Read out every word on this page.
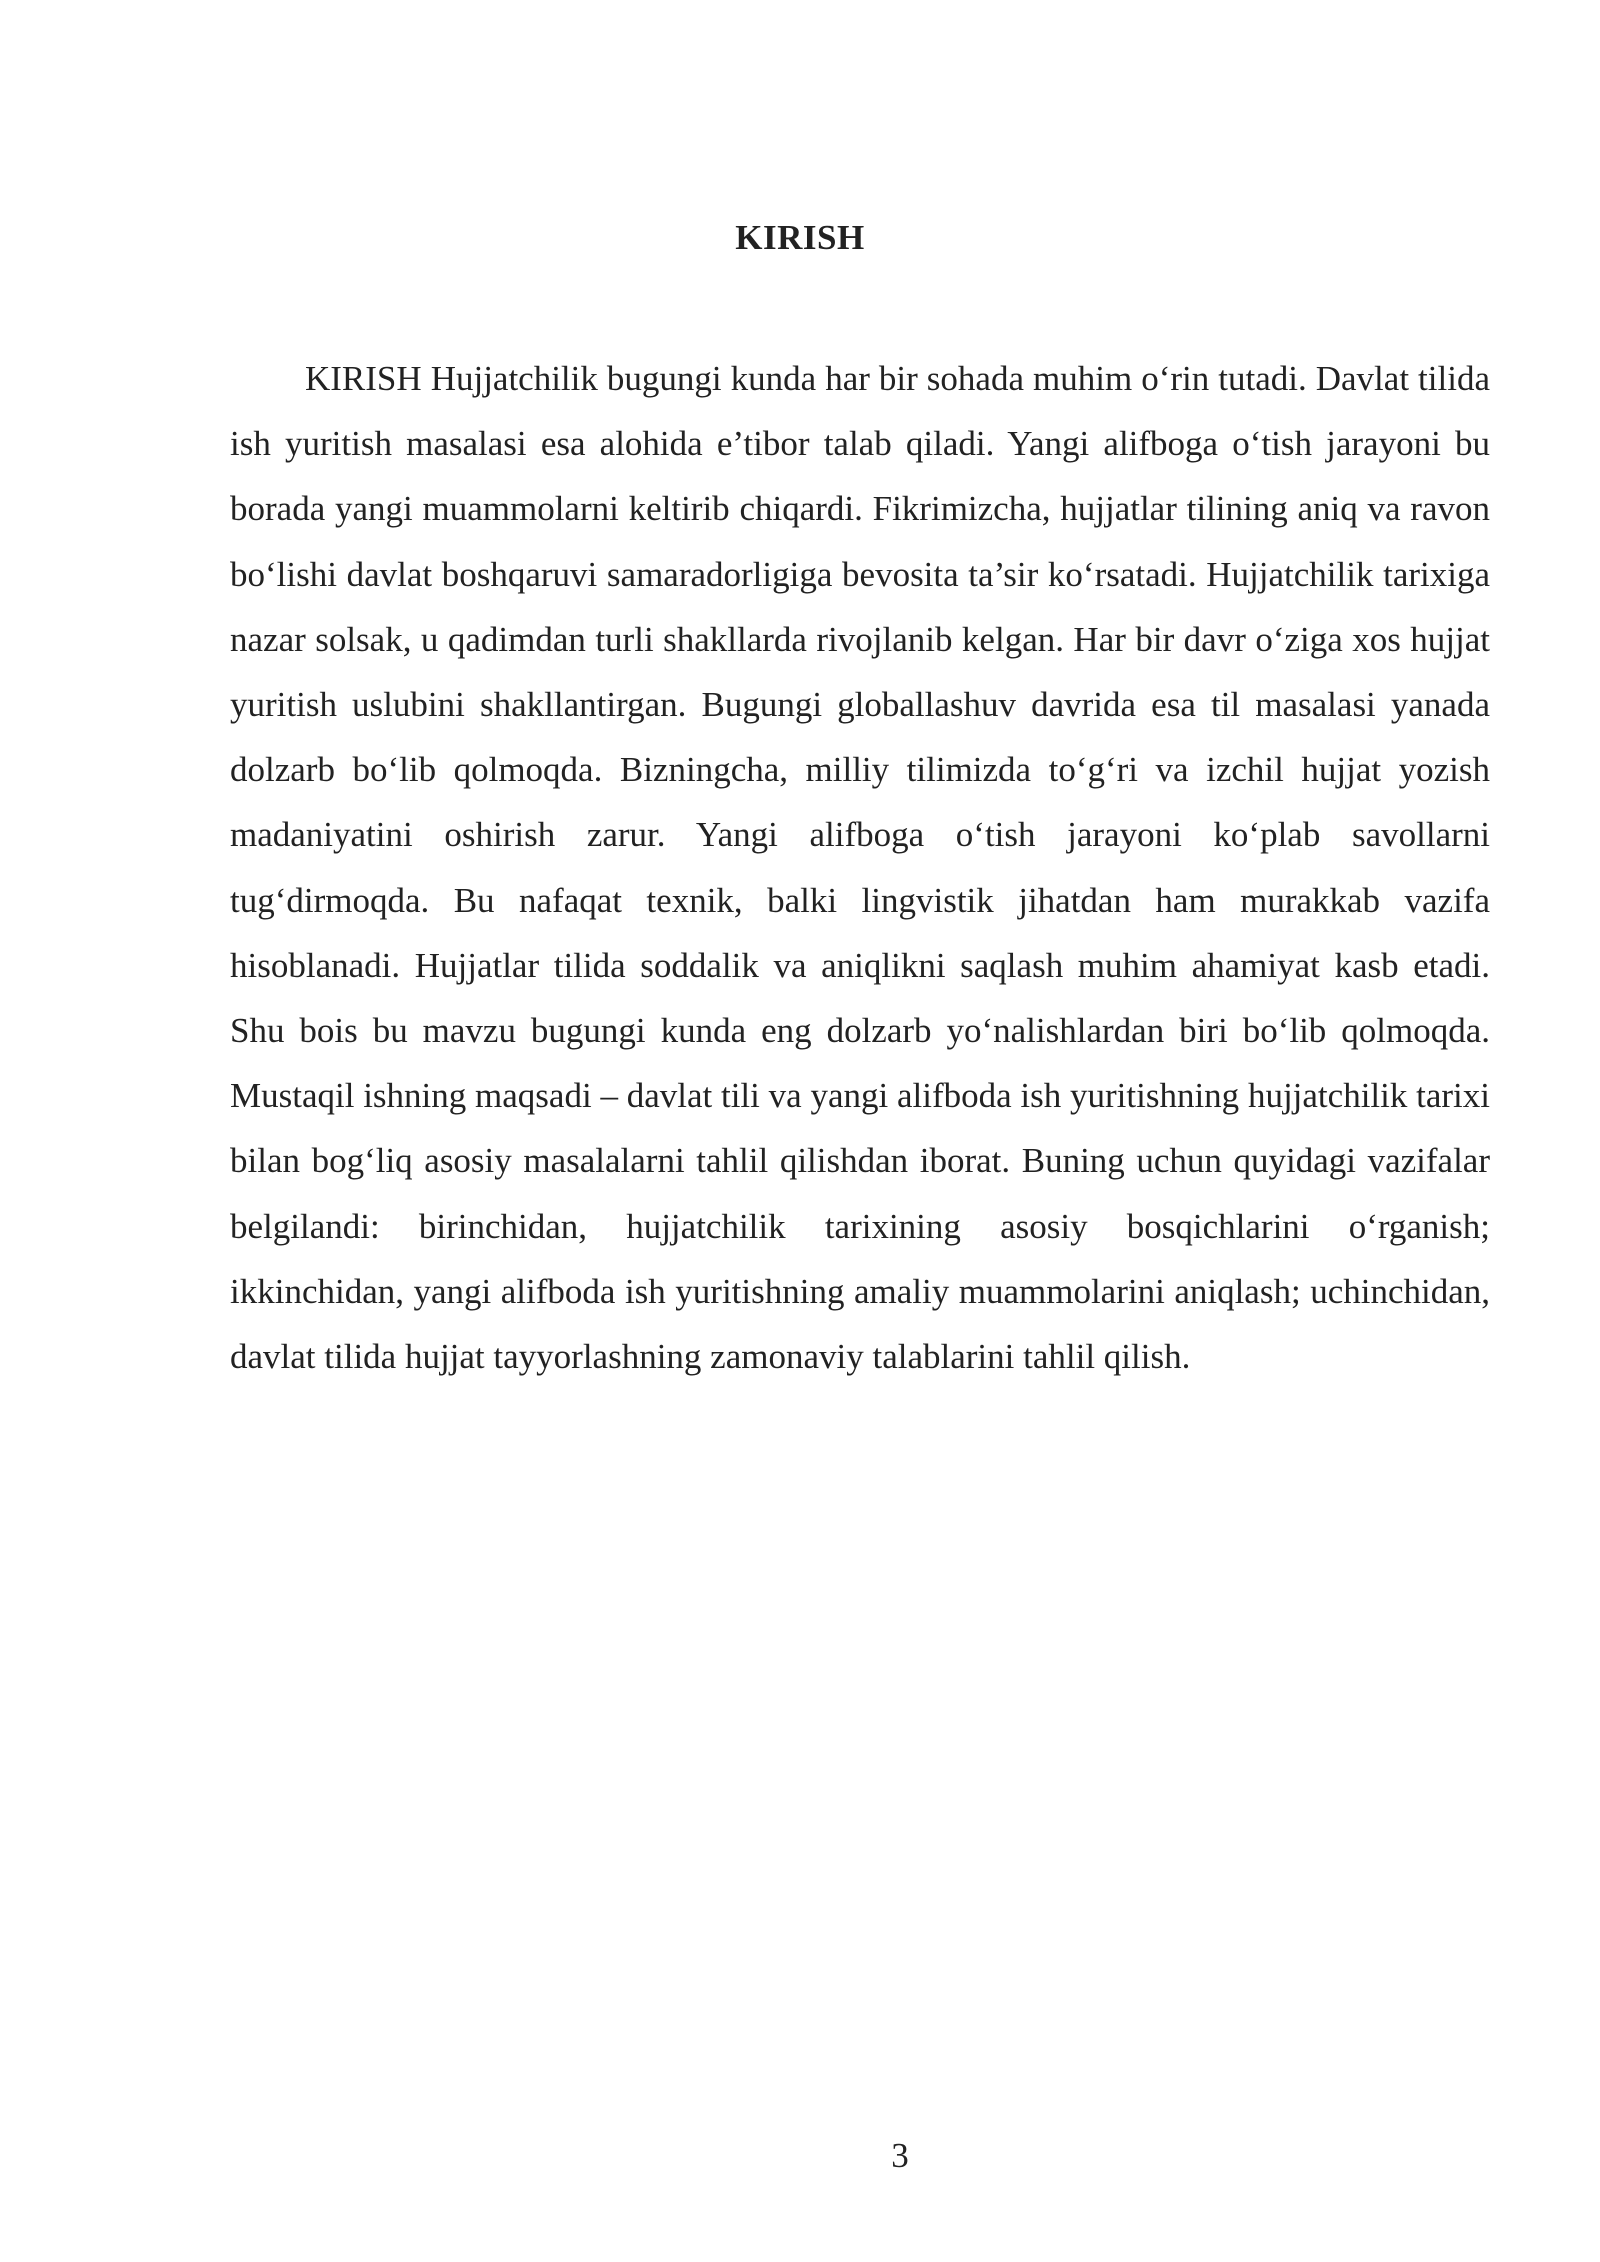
KIRISH

KIRISH Hujjatchilik bugungi kunda har bir sohada muhim o‘rin tutadi. Davlat tilida ish yuritish masalasi esa alohida e’tibor talab qiladi. Yangi alifboga o‘tish jarayoni bu borada yangi muammolarni keltirib chiqardi. Fikrimizcha, hujjatlar tilining aniq va ravon bo‘lishi davlat boshqaruvi samaradorligiga bevosita ta’sir ko‘rsatadi. Hujjatchilik tarixiga nazar solsak, u qadimdan turli shakllarda rivojlanib kelgan. Har bir davr o‘ziga xos hujjat yuritish uslubini shakllantirgan. Bugungi globallashuv davrida esa til masalasi yanada dolzarb bo‘lib qolmoqda. Bizningcha, milliy tilimizda to‘g‘ri va izchil hujjat yozish madaniyatini oshirish zarur. Yangi alifboga o‘tish jarayoni ko‘plab savollarni tug‘dirmoqda. Bu nafaqat texnik, balki lingvistik jihatdan ham murakkab vazifa hisoblanadi. Hujjatlar tilida soddalik va aniqlikni saqlash muhim ahamiyat kasb etadi. Shu bois bu mavzu bugungi kunda eng dolzarb yo‘nalishlardan biri bo‘lib qolmoqda. Mustaqil ishning maqsadi – davlat tili va yangi alifboda ish yuritishning hujjatchilik tarixi bilan bog‘liq asosiy masalalarni tahlil qilishdan iborat. Buning uchun quyidagi vazifalar belgilandi: birinchidan, hujjatchilik tarixining asosiy bosqichlarini o‘rganish; ikkinchidan, yangi alifboda ish yuritishning amaliy muammolarini aniqlash; uchinchidan, davlat tilida hujjat tayyorlashning zamonaviy talablarini tahlil qilish.

3
